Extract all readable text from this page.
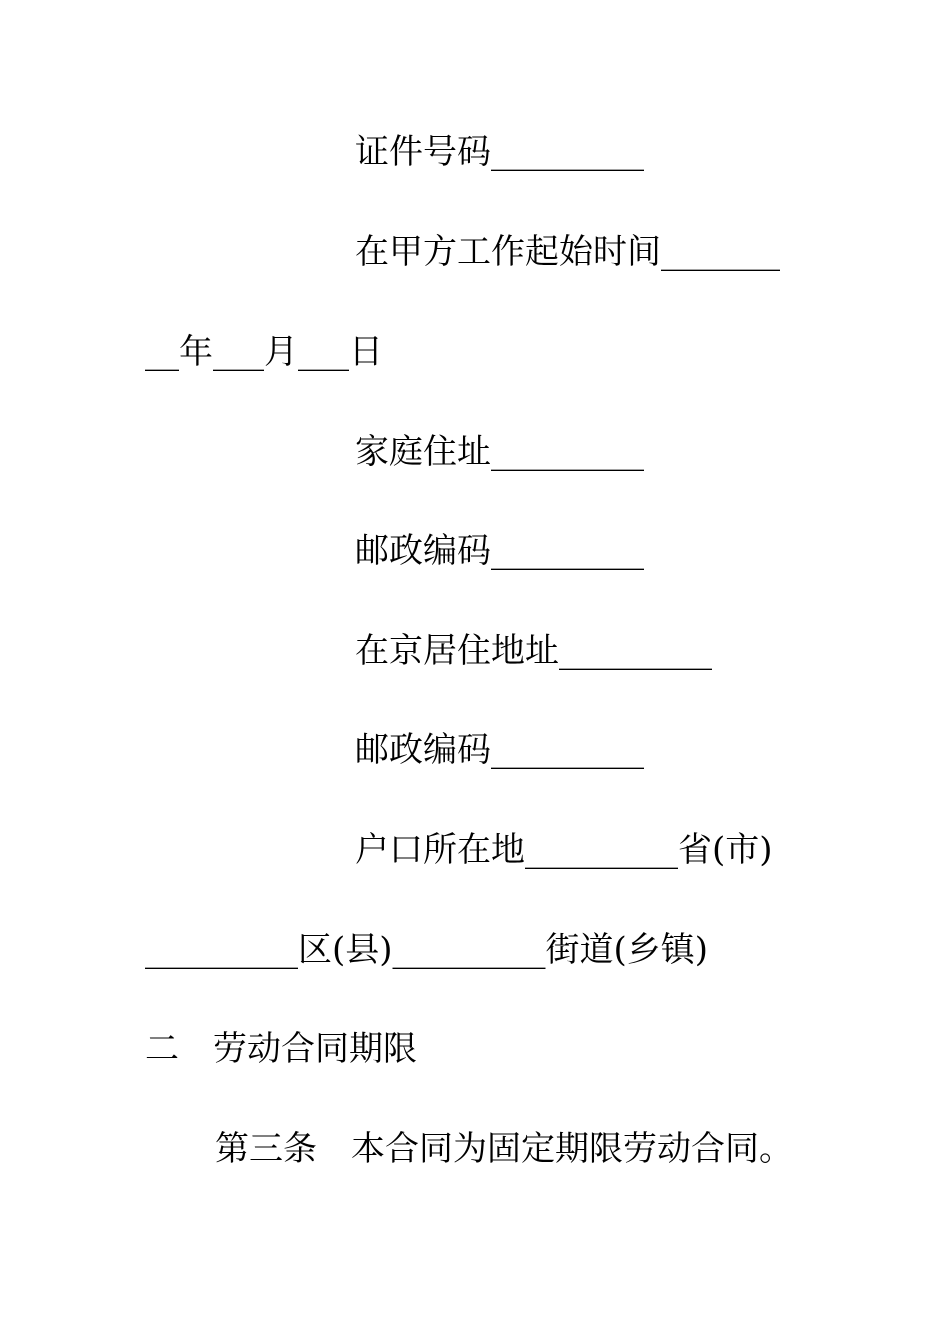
证件号码_________
在甲方工作起始时间_______
__年___月___日
家庭住址_________
邮政编码_________
在京居住地址_________
邮政编码_________
户口所在地_________省(市)
_________区(县)_________街道(乡镇)
二 劳动合同期限
第三条 本合同为固定期限劳动合同。
